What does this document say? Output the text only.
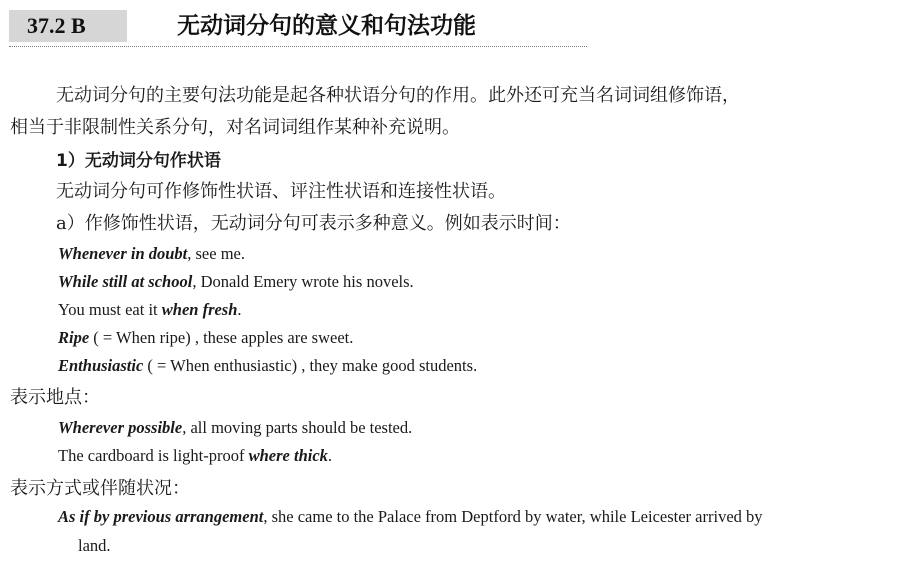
37.2 B	无动词分句的意义和句法功能
无动词分句的主要句法功能是起各种状语分句的作用。此外还可充当名词词组修饰语，
相当于非限制性关系分句，对名词词组作某种补充说明。
1）无动词分句作状语
无动词分句可作修饰性状语、评注性状语和连接性状语。
a）作修饰性状语，无动词分句可表示多种意义。例如表示时间：
Whenever in doubt, see me.
While still at school, Donald Emery wrote his novels.
You must eat it when fresh.
Ripe ( = When ripe) , these apples are sweet.
Enthusiastic ( = When enthusiastic) , they make good students.
表示地点：
Wherever possible, all moving parts should be tested.
The cardboard is light-proof where thick.
表示方式或伴随状况：
As if by previous arrangement, she came to the Palace from Deptford by water, while Leicester arrived by
land.
